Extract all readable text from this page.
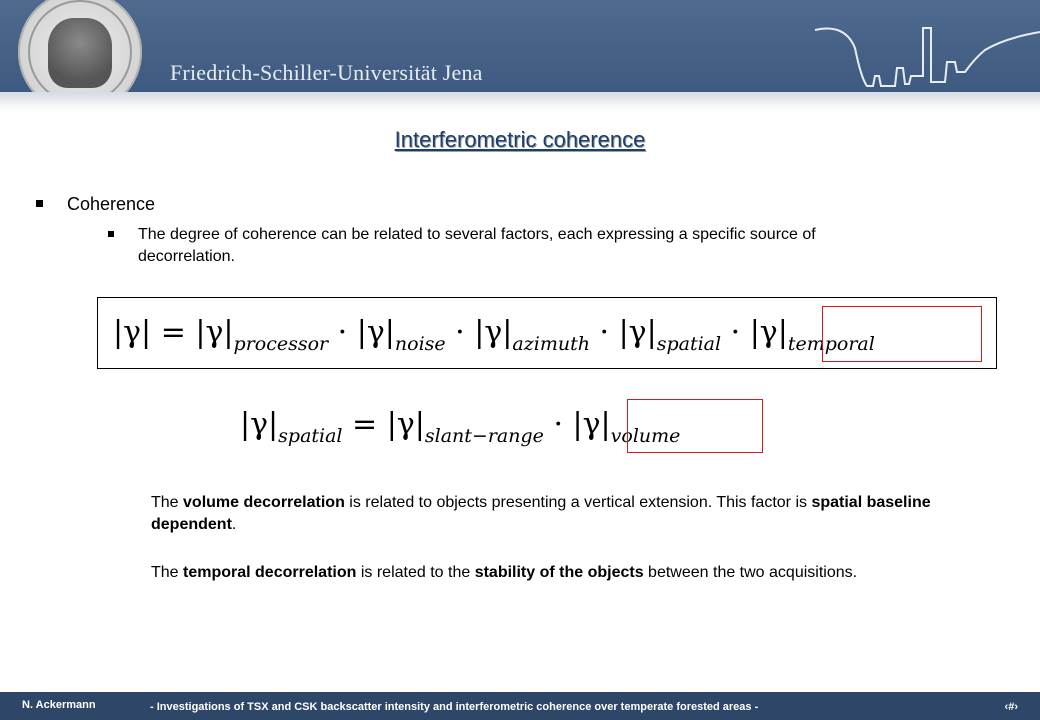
Friedrich-Schiller-Universität Jena
Interferometric coherence
Coherence
The degree of coherence can be related to several factors, each expressing a specific source of decorrelation.
$|\gamma| = |\gamma|_{processor} \cdot |\gamma|_{noise} \cdot |\gamma|_{azimuth} \cdot |\gamma|_{spatial} \cdot |\gamma|_{temporal}$
$|\gamma|_{spatial} = |\gamma|_{slant-range} \cdot |\gamma|_{volume}$
The volume decorrelation is related to objects presenting a vertical extension. This factor is spatial baseline dependent.
The temporal decorrelation is related to the stability of the objects between the two acquisitions.
N. Ackermann	- Investigations of TSX and CSK backscatter intensity and interferometric coherence over temperate forested areas -	‹#›
